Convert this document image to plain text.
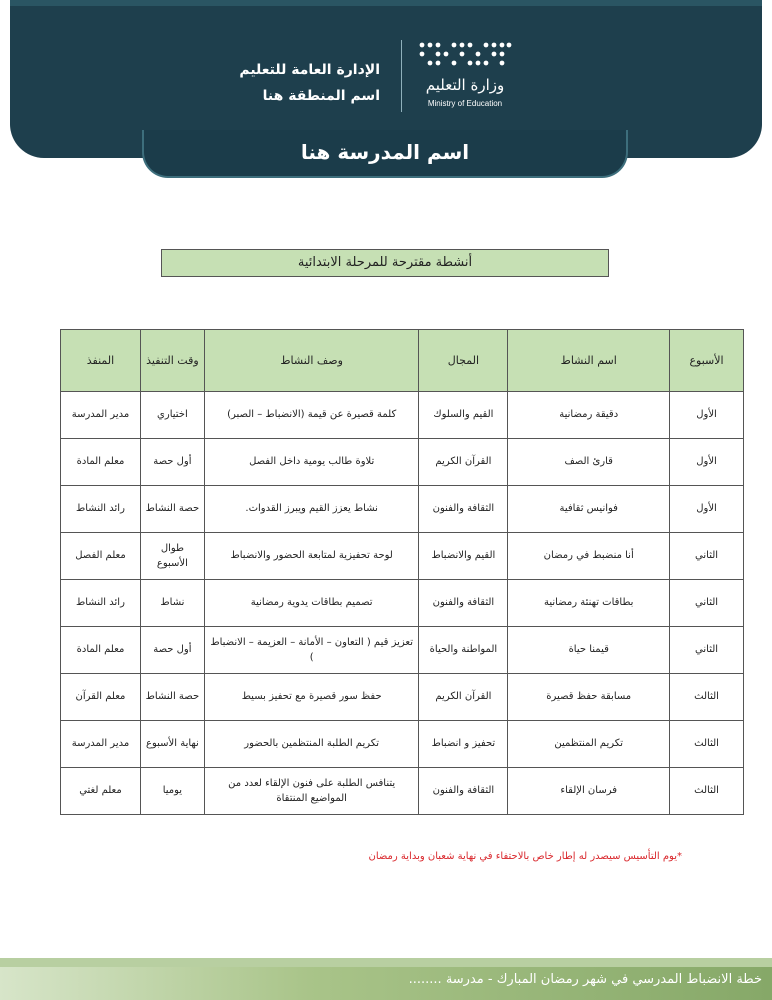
وزارة التعليم
Ministry of Education
الإدارة العامة للتعليم
اسم المنطقة هنا
اسم المدرسة هنا
أنشطة مقترحة للمرحلة الابتدائية
الأسبوع	اسم النشاط	المجال	وصف النشاط	وقت التنفيذ	المنفذ
الأول	دقيقة رمضانية	القيم والسلوك	كلمة قصيرة عن قيمة (الانضباط – الصبر)	اختياري	مدير المدرسة
الأول	قارئ الصف	القرآن الكريم	تلاوة طالب يومية داخل الفصل	أول حصة	معلم المادة
الأول	فوانيس ثقافية	الثقافة والفنون	نشاط يعزز القيم ويبرز القدوات.	حصة النشاط	رائد النشاط
الثاني	أنا منضبط في رمضان	القيم والانضباط	لوحة تحفيزية لمتابعة الحضور والانضباط	طوال الأسبوع	معلم الفصل
الثاني	بطاقات تهنئة رمضانية	الثقافة والفنون	تصميم بطاقات يدوية رمضانية	نشاط	رائد النشاط
الثاني	قيمنا حياة	المواطنة والحياة	تعزيز قيم ( التعاون – الأمانة – العزيمة – الانضباط )	أول حصة	معلم المادة
الثالث	مسابقة حفظ قصيرة	القرآن الكريم	حفظ سور قصيرة مع تحفيز بسيط	حصة النشاط	معلم القرآن
الثالث	تكريم المنتظمين	تحفيز و انضباط	تكريم الطلبة المنتظمين بالحضور	نهاية الأسبوع	مدير المدرسة
الثالث	فرسان الإلقاء	الثقافة والفنون	يتنافس الطلبة على فنون الإلقاء لعدد من المواضيع المنتقاة	يوميا	معلم لغتي
*يوم التأسيس سيصدر له إطار خاص بالاحتفاء في نهاية شعبان وبداية رمضان
خطة الانضباط المدرسي في شهر رمضان المبارك - مدرسة ........
